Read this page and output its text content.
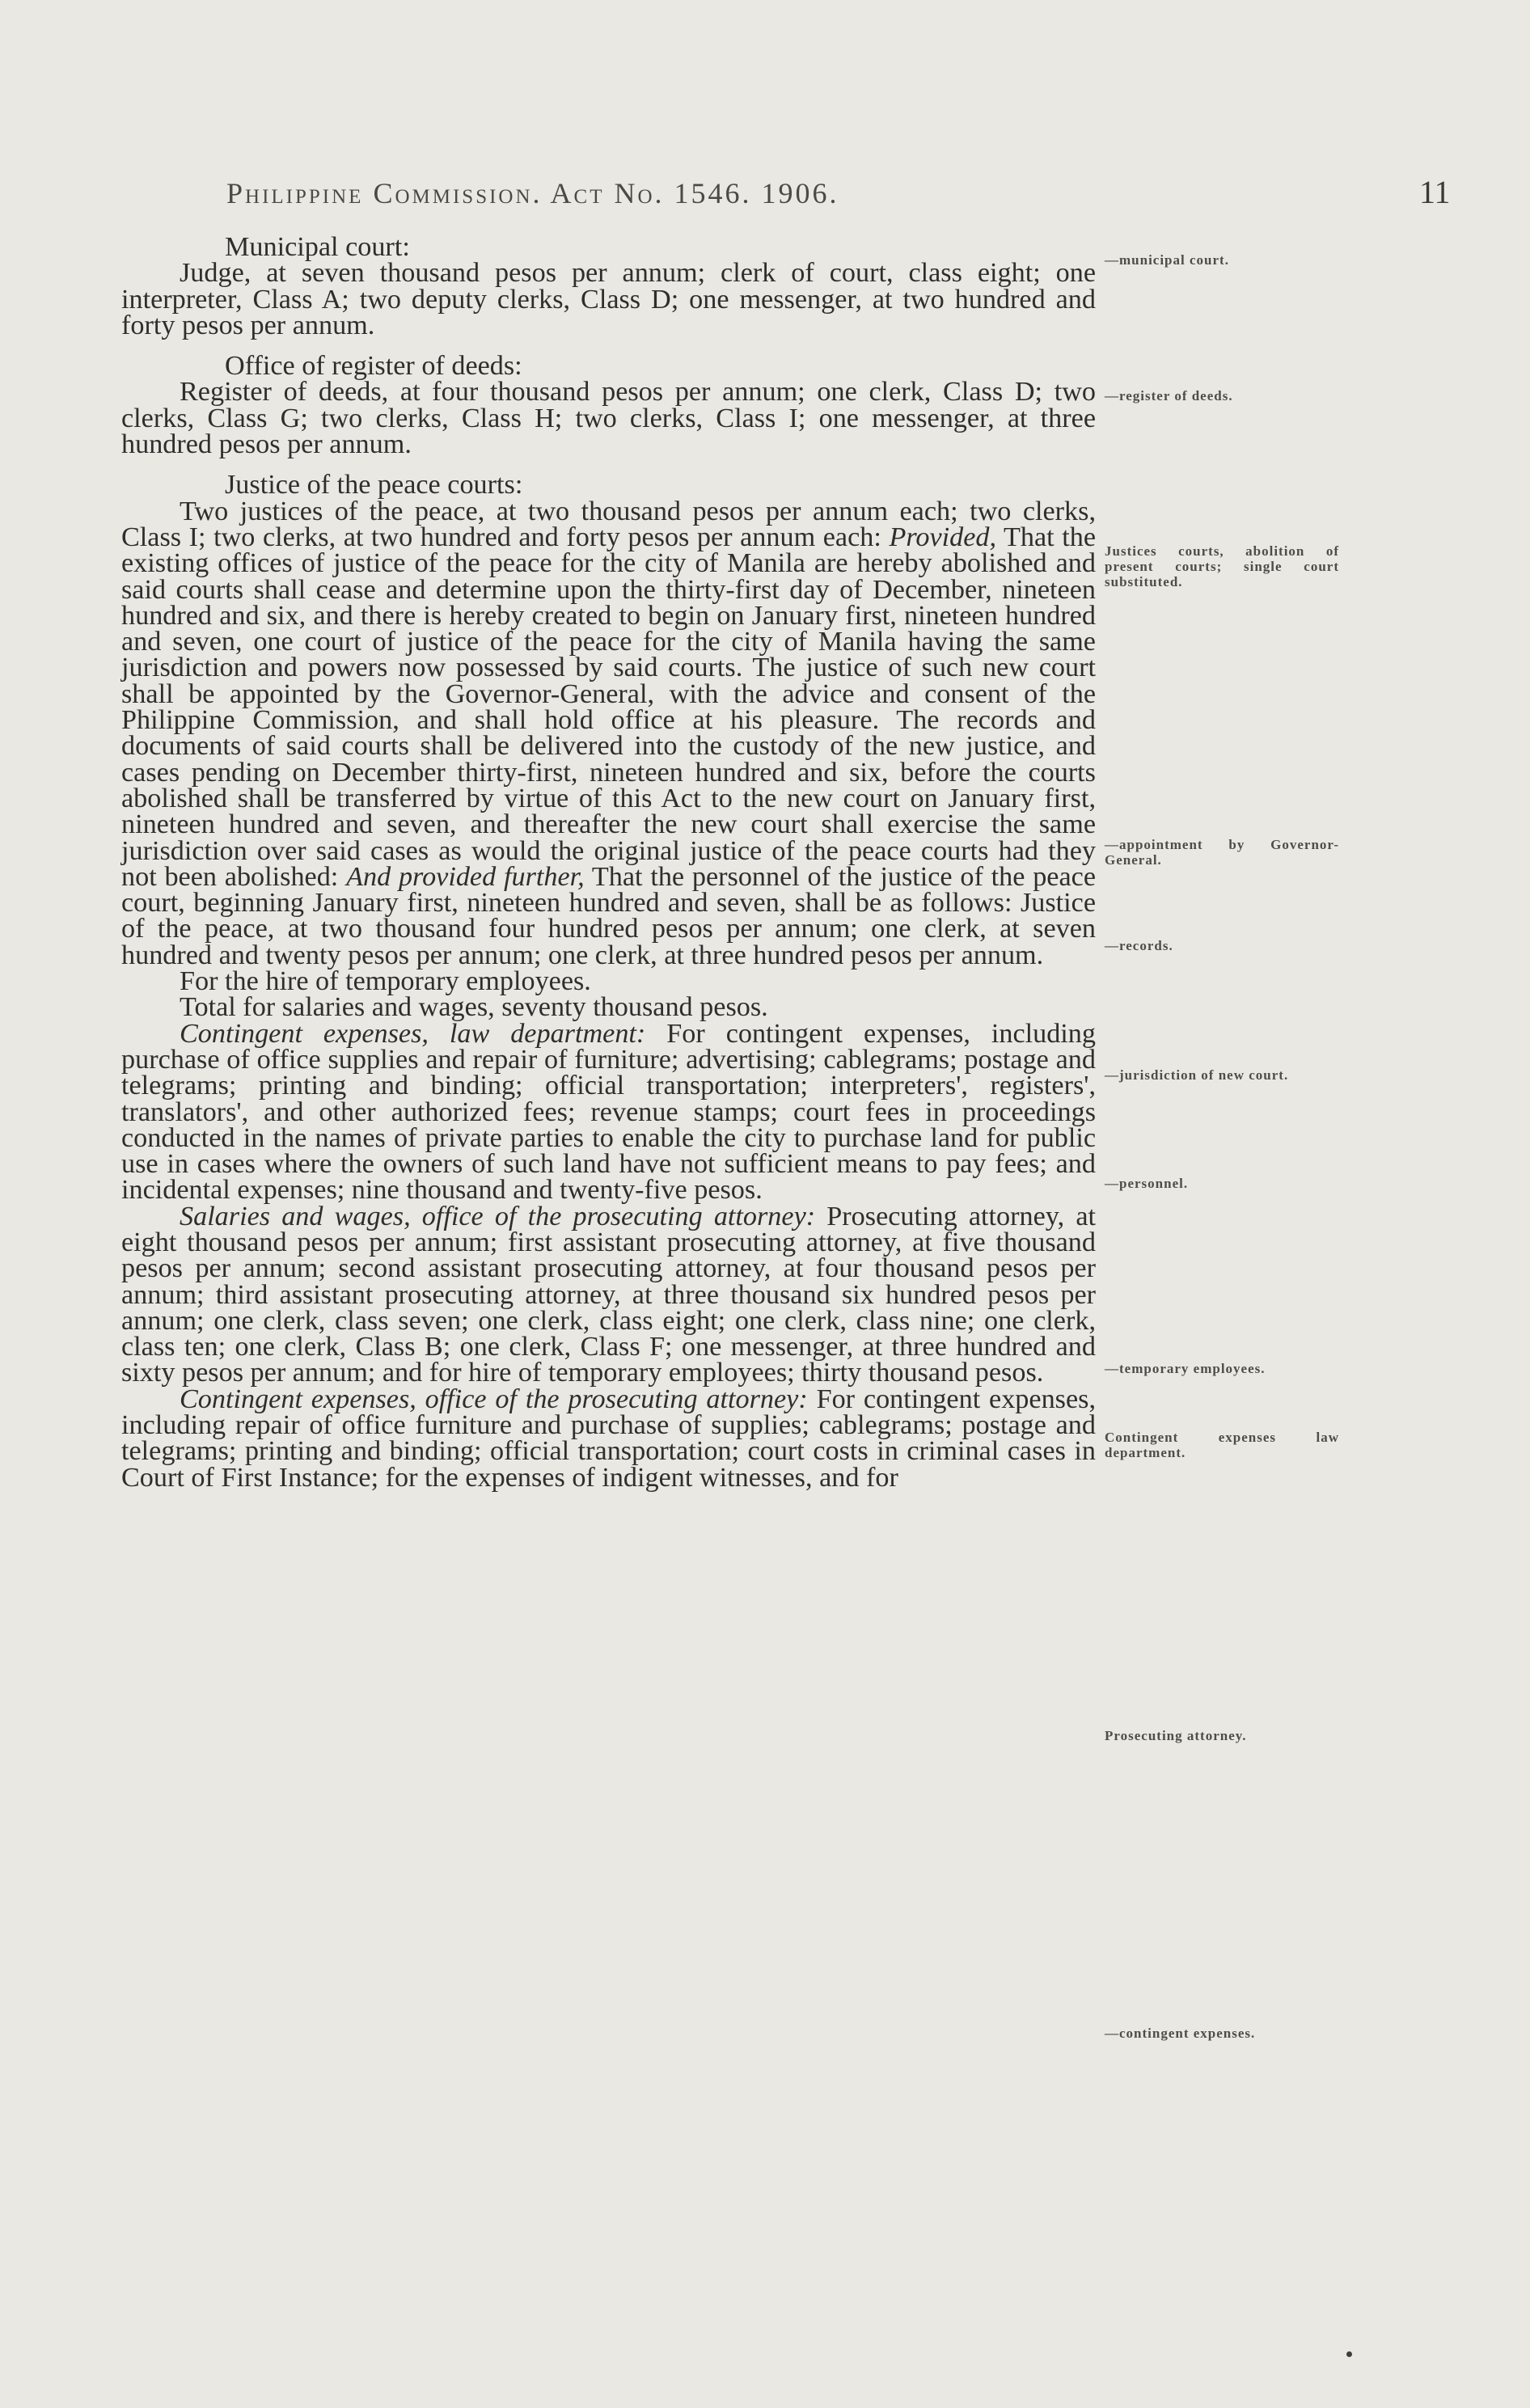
Philippine Commission. Act No. 1546. 1906.	11

Municipal court:

Judge, at seven thousand pesos per annum; clerk of court, class eight; one interpreter, Class A; two deputy clerks, Class D; one messenger, at two hundred and forty pesos per annum.

Office of register of deeds:

Register of deeds, at four thousand pesos per annum; one clerk, Class D; two clerks, Class G; two clerks, Class H; two clerks, Class I; one messenger, at three hundred pesos per annum.

Justice of the peace courts:

Two justices of the peace, at two thousand pesos per annum each; two clerks, Class I; two clerks, at two hundred and forty pesos per annum each: Provided, That the existing offices of justice of the peace for the city of Manila are hereby abolished and said courts shall cease and determine upon the thirty-first day of December, nineteen hundred and six, and there is hereby created to begin on January first, nineteen hundred and seven, one court of justice of the peace for the city of Manila having the same jurisdiction and powers now possessed by said courts. The justice of such new court shall be appointed by the Governor-General, with the advice and consent of the Philippine Commission, and shall hold office at his pleasure. The records and documents of said courts shall be delivered into the custody of the new justice, and cases pending on December thirty-first, nineteen hundred and six, before the courts abolished shall be transferred by virtue of this Act to the new court on January first, nineteen hundred and seven, and thereafter the new court shall exercise the same jurisdiction over said cases as would the original justice of the peace courts had they not been abolished: And provided further, That the personnel of the justice of the peace court, beginning January first, nineteen hundred and seven, shall be as follows: Justice of the peace, at two thousand four hundred pesos per annum; one clerk, at seven hundred and twenty pesos per annum; one clerk, at three hundred pesos per annum.

For the hire of temporary employees.

Total for salaries and wages, seventy thousand pesos.

Contingent expenses, law department: For contingent expenses, including purchase of office supplies and repair of furniture; advertising; cablegrams; postage and telegrams; printing and binding; official transportation; interpreters', registers', translators', and other authorized fees; revenue stamps; court fees in proceedings conducted in the names of private parties to enable the city to purchase land for public use in cases where the owners of such land have not sufficient means to pay fees; and incidental expenses; nine thousand and twenty-five pesos.

Salaries and wages, office of the prosecuting attorney: Prosecuting attorney, at eight thousand pesos per annum; first assistant prosecuting attorney, at five thousand pesos per annum; second assistant prosecuting attorney, at four thousand pesos per annum; third assistant prosecuting attorney, at three thousand six hundred pesos per annum; one clerk, class seven; one clerk, class eight; one clerk, class nine; one clerk, class ten; one clerk, Class B; one clerk, Class F; one messenger, at three hundred and sixty pesos per annum; and for hire of temporary employees; thirty thousand pesos.

Contingent expenses, office of the prosecuting attorney: For contingent expenses, including repair of office furniture and purchase of supplies; cablegrams; postage and telegrams; printing and binding; official transportation; court costs in criminal cases in Court of First Instance; for the expenses of indigent witnesses, and for

—municipal court.
—register of deeds.
Justices courts, abolition of present courts; single court substituted.
—appointment by Governor-General.
—records.
—jurisdiction of new court.
—personnel.
—temporary employees.
Contingent expenses law department.
Prosecuting attorney.
—contingent expenses.
